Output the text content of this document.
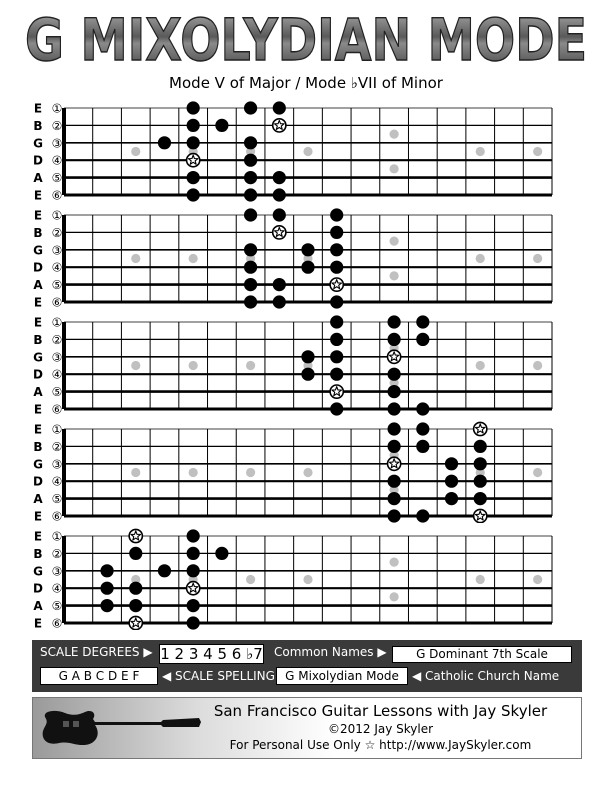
G MIXOLYDIAN MODE
Mode V of Major / Mode ♭VII of Minor
E ①
B ②
G ③
D ④
A ⑤
E ⑥
E ①
B ②
G ③
D ④
A ⑤
E ⑥
E ①
B ②
G ③
D ④
A ⑤
E ⑥
E ①
B ②
G ③
D ④
A ⑤
E ⑥
E ①
B ②
G ③
D ④
A ⑤
E ⑥
SCALE DEGREES ▶ 1 2 3 4 5 6 ♭7
G A B C D E F	◀ SCALE SPELLING
Common Names ▶	G Dominant 7th Scale
G Mixolydian Mode	◀ Catholic Church Name
San Francisco Guitar Lessons with Jay Skyler
©2012 Jay Skyler
For Personal Use Only ☆ http://www.JaySkyler.com
